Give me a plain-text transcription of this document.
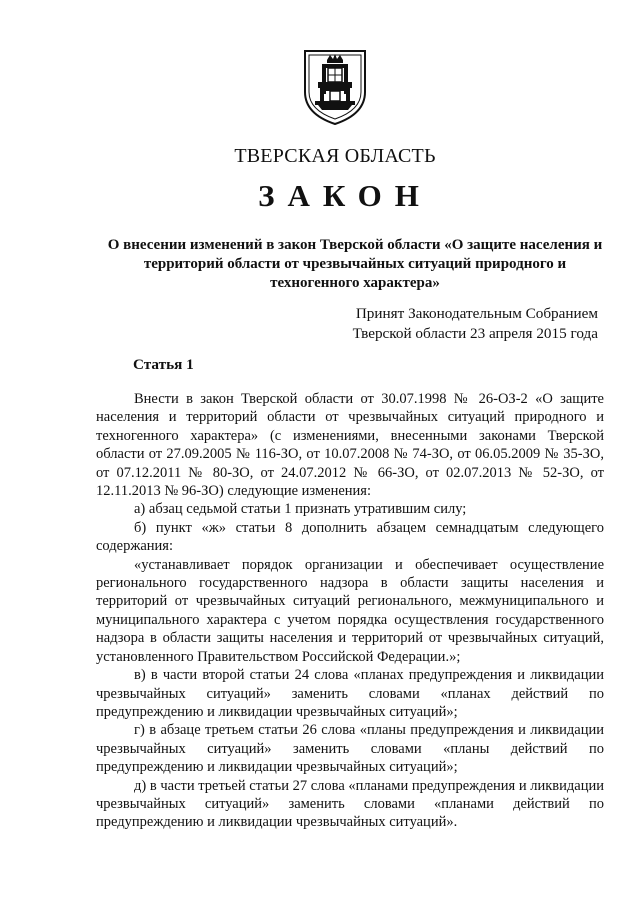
ТВЕРСКАЯ ОБЛАСТЬ
ЗАКОН
О внесении изменений в закон Тверской области «О защите населения и территорий области от чрезвычайных ситуаций природного и техногенного характера»
Принят Законодательным Собранием
Тверской области 23 апреля 2015 года
Статья 1

Внести в закон Тверской области от 30.07.1998 № 26-ОЗ-2 «О защите населения и территорий области от чрезвычайных ситуаций природного и техногенного характера» (с изменениями, внесенными законами Тверской области от 27.09.2005 № 116-ЗО, от 10.07.2008 № 74-ЗО, от 06.05.2009 № 35-ЗО, от 07.12.2011 № 80-ЗО, от 24.07.2012 № 66-ЗО, от 02.07.2013 № 52-ЗО, от 12.11.2013 № 96-ЗО) следующие изменения:

а) абзац седьмой статьи 1 признать утратившим силу;

б) пункт «ж» статьи 8 дополнить абзацем семнадцатым следующего содержания:

«устанавливает порядок организации и обеспечивает осуществление регионального государственного надзора в области защиты населения и территорий от чрезвычайных ситуаций регионального, межмуниципального и муниципального характера с учетом порядка осуществления государственного надзора в области защиты населения и территорий от чрезвычайных ситуаций, установленного Правительством Российской Федерации.»;

в) в части второй статьи 24 слова «планах предупреждения и ликвидации чрезвычайных ситуаций» заменить словами «планах действий по предупреждению и ликвидации чрезвычайных ситуаций»;

г) в абзаце третьем статьи 26 слова «планы предупреждения и ликвидации чрезвычайных ситуаций» заменить словами «планы действий по предупреждению и ликвидации чрезвычайных ситуаций»;

д) в части третьей статьи 27 слова «планами предупреждения и ликвидации чрезвычайных ситуаций» заменить словами «планами действий по предупреждению и ликвидации чрезвычайных ситуаций».
